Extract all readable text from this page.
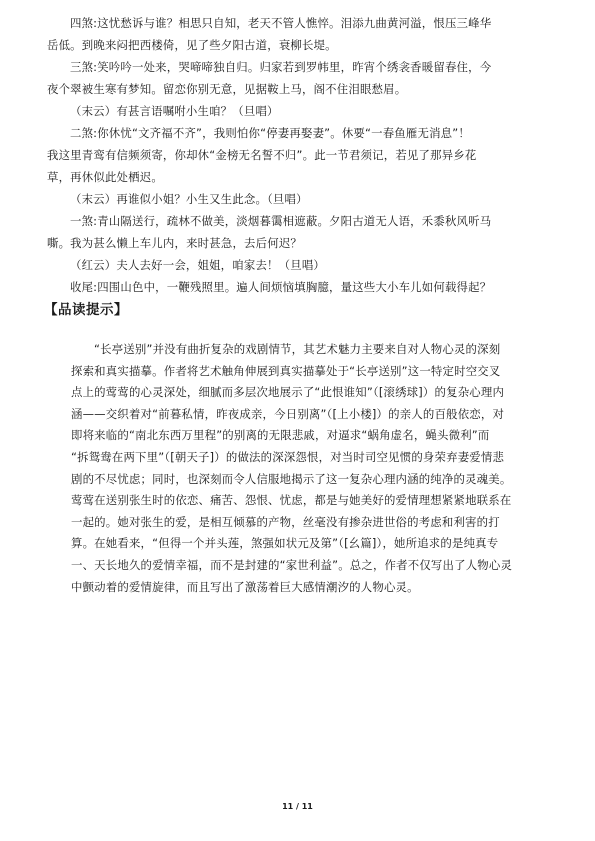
四煞:这忧愁诉与谁？相思只自知，老天不管人憔悴。泪添九曲黄河溢，恨压三峰华
岳低。到晚来闷把西楼倚，见了些夕阳古道，衰柳长堤。
三煞:笑吟吟一处来，哭啼啼独自归。归家若到罗帏里，昨宵个绣衾香暖留春住，今
夜个翠被生寒有梦知。留恋你别无意，见据鞍上马，阁不住泪眼愁眉。
（末云）有甚言语嘱咐小生咱？（旦唱）
二煞:你休忧“文齐福不齐”，我则怕你“停妻再娶妻”。休要“一春鱼雁无消息”！
我这里青鸾有信频须寄，你却休“金榜无名誓不归”。此一节君须记，若见了那异乡花
草，再休似此处栖迟。
（末云）再谁似小姐？小生又生此念。（旦唱）
一煞:青山隔送行，疏林不做美，淡烟暮霭相遮蔽。夕阳古道无人语，禾黍秋风听马
嘶。我为甚么懒上车儿内，来时甚急，去后何迟？
（红云）夫人去好一会，姐姐，咱家去！（旦唱）
收尾:四围山色中，一鞭残照里。遍人间烦恼填胸臆，量这些大小车儿如何载得起？
【品读提示】
“长亭送别”并没有曲折复杂的戏剧情节，其艺术魅力主要来自对人物心灵的深刻
探索和真实描摹。作者将艺术触角伸展到真实描摹处于“长亭送别”这一特定时空交叉
点上的莺莺的心灵深处，细腻而多层次地展示了“此恨谁知”（[滚绣球]）的复杂心理内
涵——交织着对“前暮私情，昨夜成亲，今日别离”（[上小楼]）的亲人的百般依恋，对
即将来临的“南北东西万里程”的别离的无限悲戚，对逼求“蜗角虚名，蝇头微利”而
“拆鸳鸯在两下里”（[朝天子]）的做法的深深怨恨，对当时司空见惯的身荣弃妻爱情悲
剧的不尽忧虑；同时，也深刻而令人信服地揭示了这一复杂心理内涵的纯净的灵魂美。
莺莺在送别张生时的依恋、痛苦、怨恨、忧虑，都是与她美好的爱情理想紧紧地联系在
一起的。她对张生的爱，是相互倾慕的产物，丝毫没有掺杂进世俗的考虑和利害的打
算。在她看来，“但得一个并头莲，煞强如状元及第”（[幺篇]），她所追求的是纯真专
一、天长地久的爱情幸福，而不是封建的“家世利益”。总之，作者不仅写出了人物心灵
中颤动着的爱情旋律，而且写出了激荡着巨大感情潮汐的人物心灵。
11 / 11
